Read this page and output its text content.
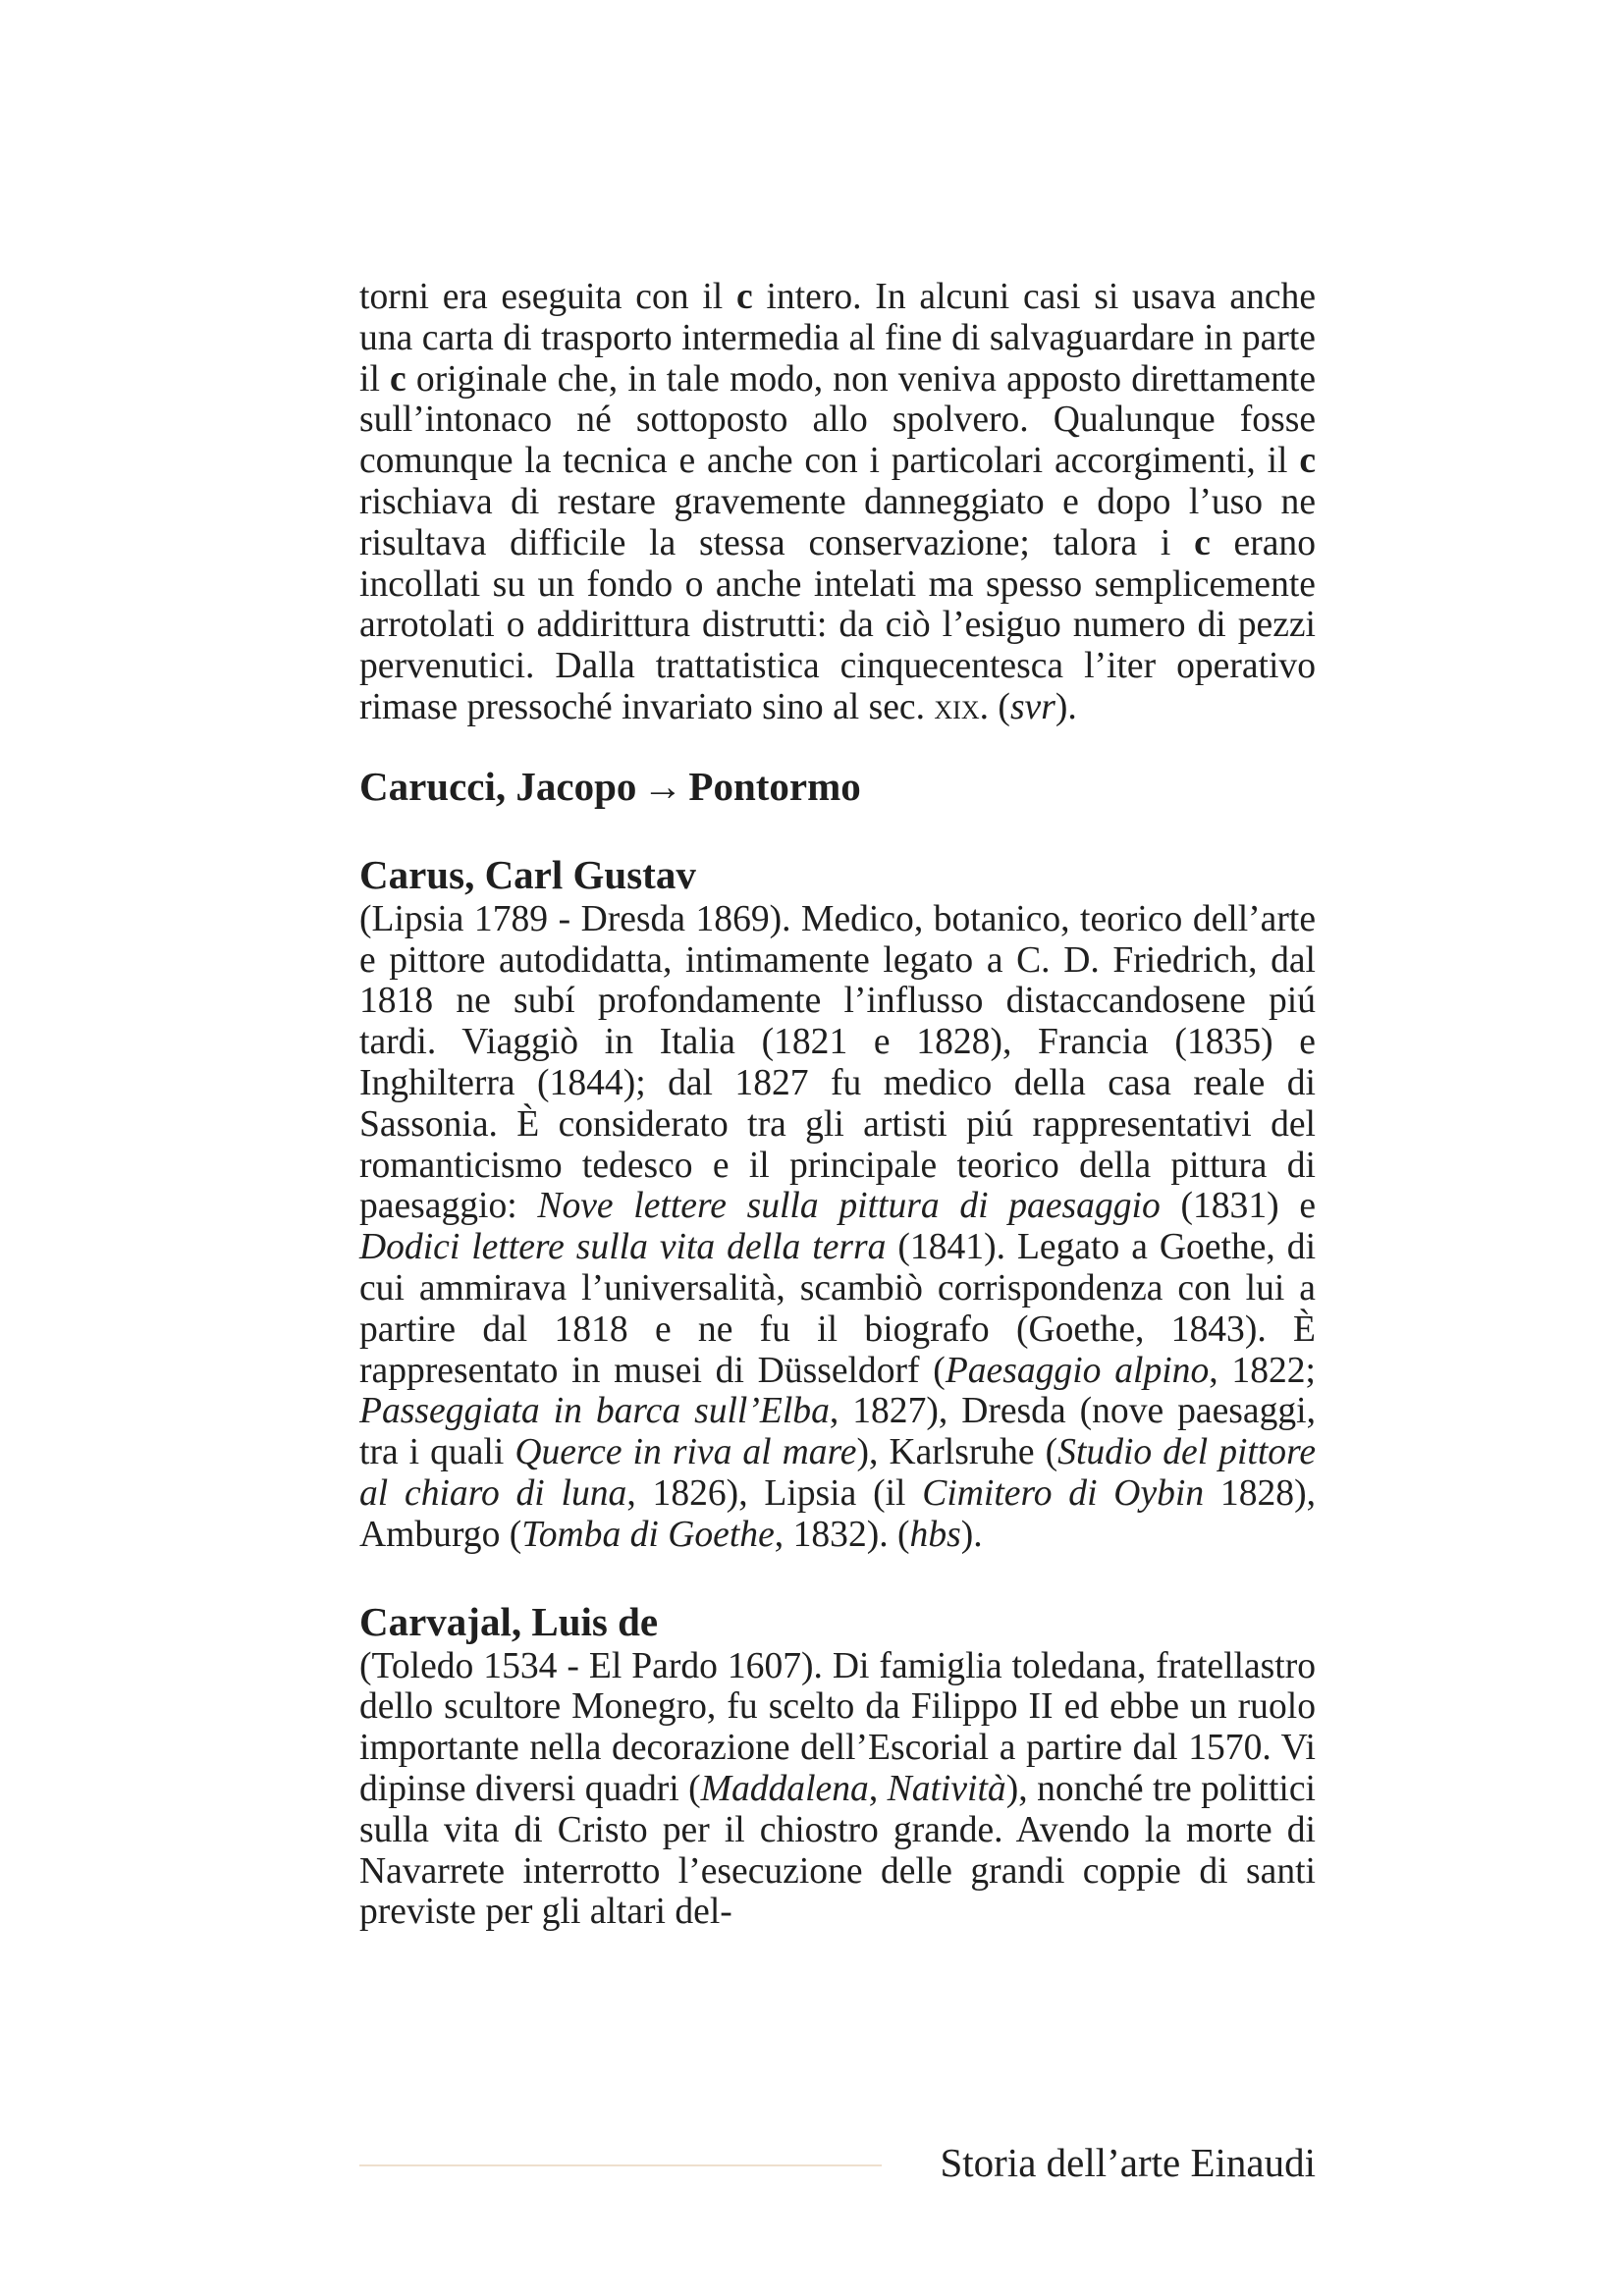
torni era eseguita con il c intero. In alcuni casi si usava anche una carta di trasporto intermedia al fine di salvaguardare in parte il c originale che, in tale modo, non veniva apposto direttamente sull’intonaco né sottoposto allo spolvero. Qualunque fosse comunque la tecnica e anche con i particolari accorgimenti, il c rischiava di restare gravemente danneggiato e dopo l’uso ne risultava difficile la stessa conservazione; talora i c erano incollati su un fondo o anche intelati ma spesso semplicemente arrotolati o addirittura distrutti: da ciò l’esiguo numero di pezzi pervenutici. Dalla trattatistica cinquecentesca l’iter operativo rimase pressoché invariato sino al sec. xix. (svr).

Carucci, Jacopo → Pontormo
Carus, Carl Gustav

(Lipsia 1789 - Dresda 1869). Medico, botanico, teorico dell’arte e pittore autodidatta, intimamente legato a C. D. Friedrich, dal 1818 ne subí profondamente l’influsso distaccandosene piú tardi. Viaggiò in Italia (1821 e 1828), Francia (1835) e Inghilterra (1844); dal 1827 fu medico della casa reale di Sassonia. È considerato tra gli artisti piú rappresentativi del romanticismo tedesco e il principale teorico della pittura di paesaggio: Nove lettere sulla pittura di paesaggio (1831) e Dodici lettere sulla vita della terra (1841). Legato a Goethe, di cui ammirava l’universalità, scambiò corrispondenza con lui a partire dal 1818 e ne fu il biografo (Goethe, 1843). È rappresentato in musei di Düsseldorf (Paesaggio alpino, 1822; Passeggiata in barca sull’Elba, 1827), Dresda (nove paesaggi, tra i quali Querce in riva al mare), Karlsruhe (Studio del pittore al chiaro di luna, 1826), Lipsia (il Cimitero di Oybin 1828), Amburgo (Tomba di Goethe, 1832). (hbs).

Carvajal, Luis de

(Toledo 1534 - El Pardo 1607). Di famiglia toledana, fratellastro dello scultore Monegro, fu scelto da Filippo II ed ebbe un ruolo importante nella decorazione dell’Escorial a partire dal 1570. Vi dipinse diversi quadri (Maddalena, Natività), nonché tre polittici sulla vita di Cristo per il chiostro grande. Avendo la morte di Navarrete interrotto l’esecuzione delle grandi coppie di santi previste per gli altari del-

Storia dell’arte Einaudi
